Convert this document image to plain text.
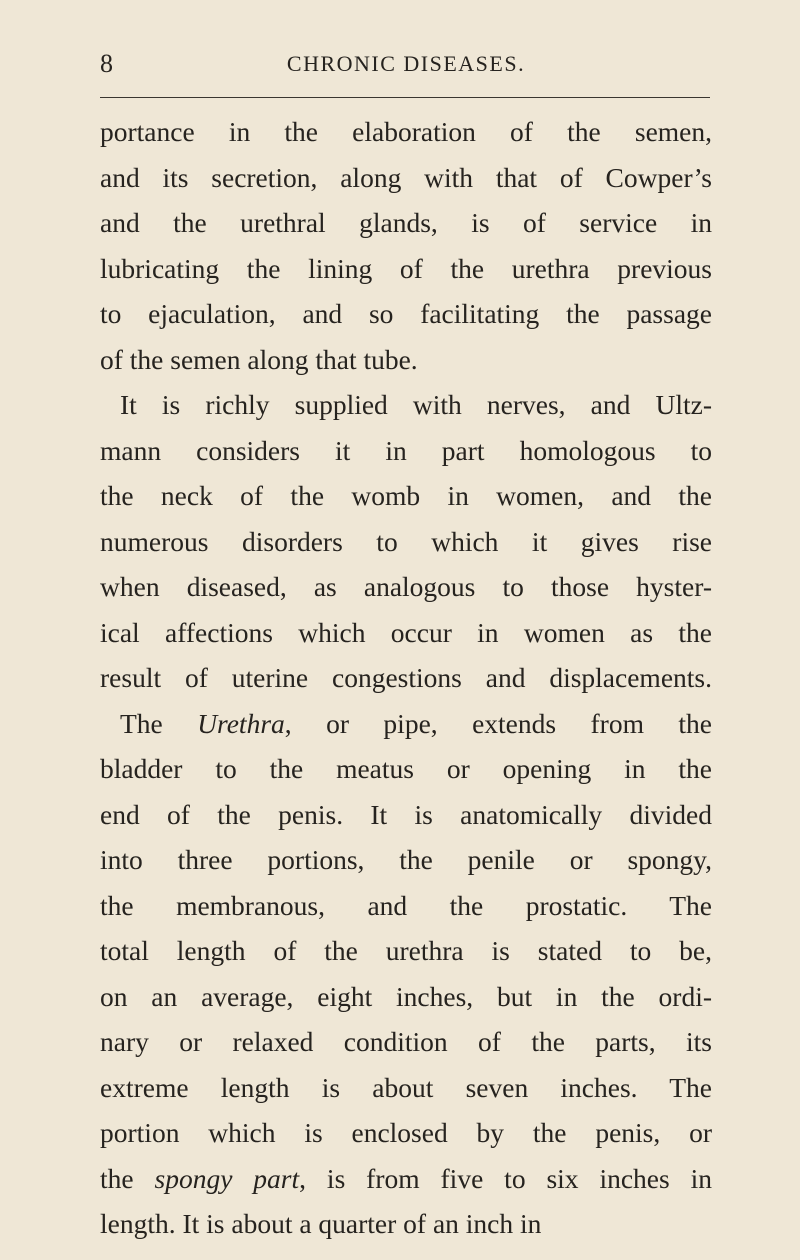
8	CHRONIC DISEASES.
portance in the elaboration of the semen,
and its secretion, along with that of Cowper’s
and the urethral glands, is of service in
lubricating the lining of the urethra previous
to ejaculation, and so facilitating the passage
of the semen along that tube.
It is richly supplied with nerves, and Ultz-
mann considers it in part homologous to
the neck of the womb in women, and the
numerous disorders to which it gives rise
when diseased, as analogous to those hyster-
ical affections which occur in women as the
result of uterine congestions and displacements.
The Urethra, or pipe, extends from the
bladder to the meatus or opening in the
end of the penis. It is anatomically divided
into three portions, the penile or spongy,
the membranous, and the prostatic. The
total length of the urethra is stated to be,
on an average, eight inches, but in the ordi-
nary or relaxed condition of the parts, its
extreme length is about seven inches. The
portion which is enclosed by the penis, or
the spongy part, is from five to six inches in
length. It is about a quarter of an inch in
